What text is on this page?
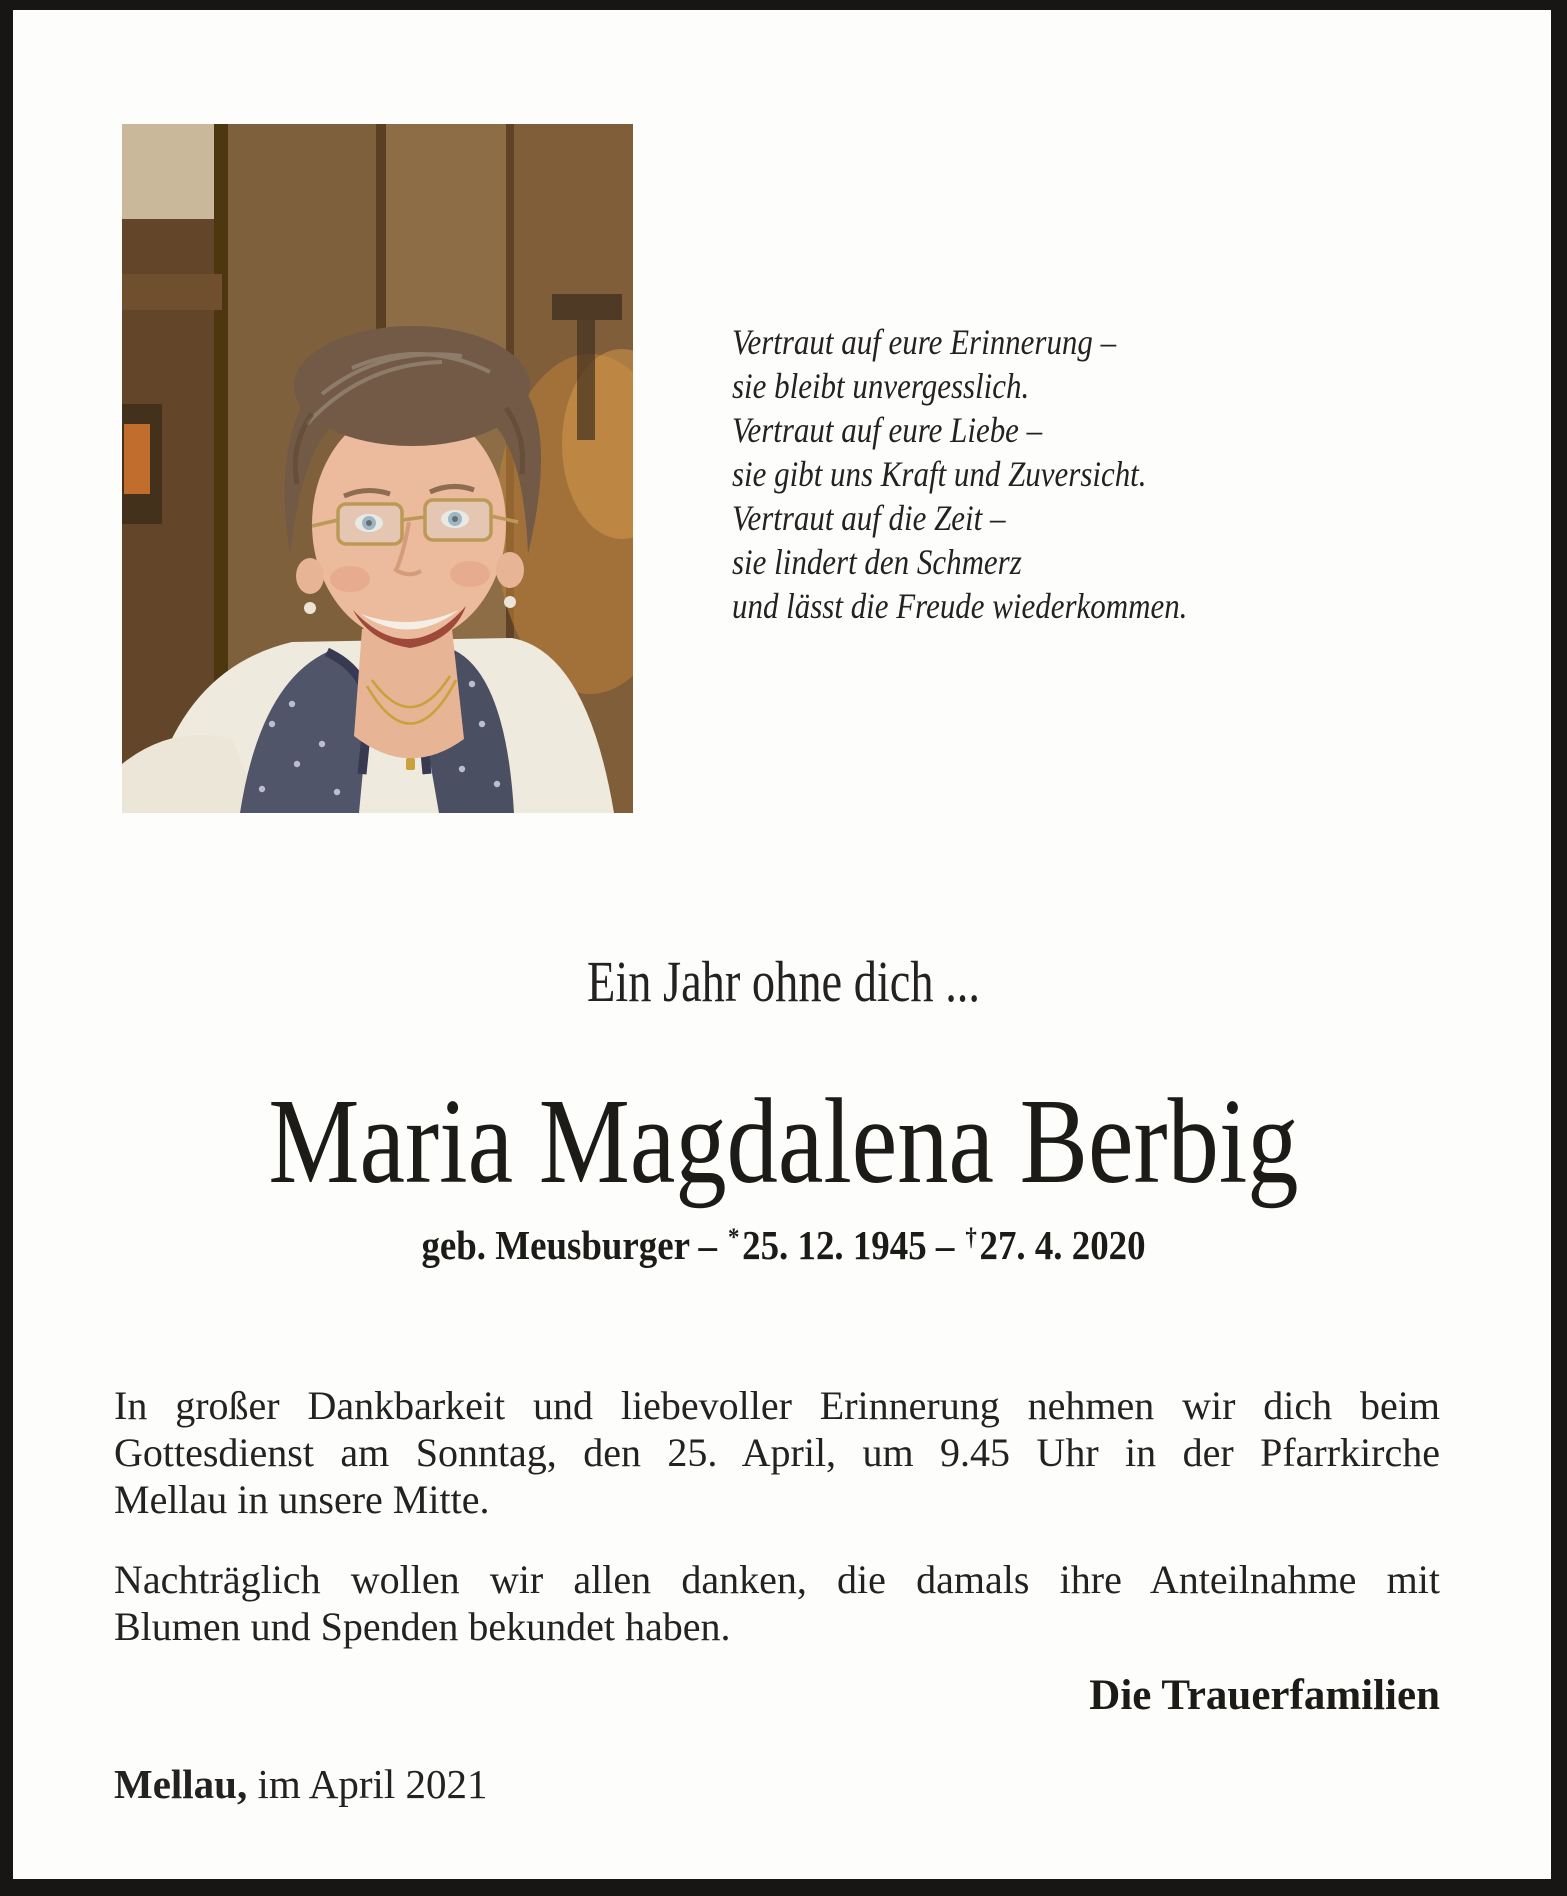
Vertraut auf eure Erinnerung –
sie bleibt unvergesslich.
Vertraut auf eure Liebe –
sie gibt uns Kraft und Zuversicht.
Vertraut auf die Zeit –
sie lindert den Schmerz
und lässt die Freude wiederkommen.
Ein Jahr ohne dich ...
Maria Magdalena Berbig
geb. Meusburger – *25. 12. 1945 – †27. 4. 2020
In großer Dankbarkeit und liebevoller Erinnerung nehmen wir dich beim
Gottesdienst am Sonntag, den 25. April, um 9.45 Uhr in der Pfarrkirche
Mellau in unsere Mitte.
Nachträglich wollen wir allen danken, die damals ihre Anteilnahme mit
Blumen und Spenden bekundet haben.
Die Trauerfamilien
Mellau, im April 2021
